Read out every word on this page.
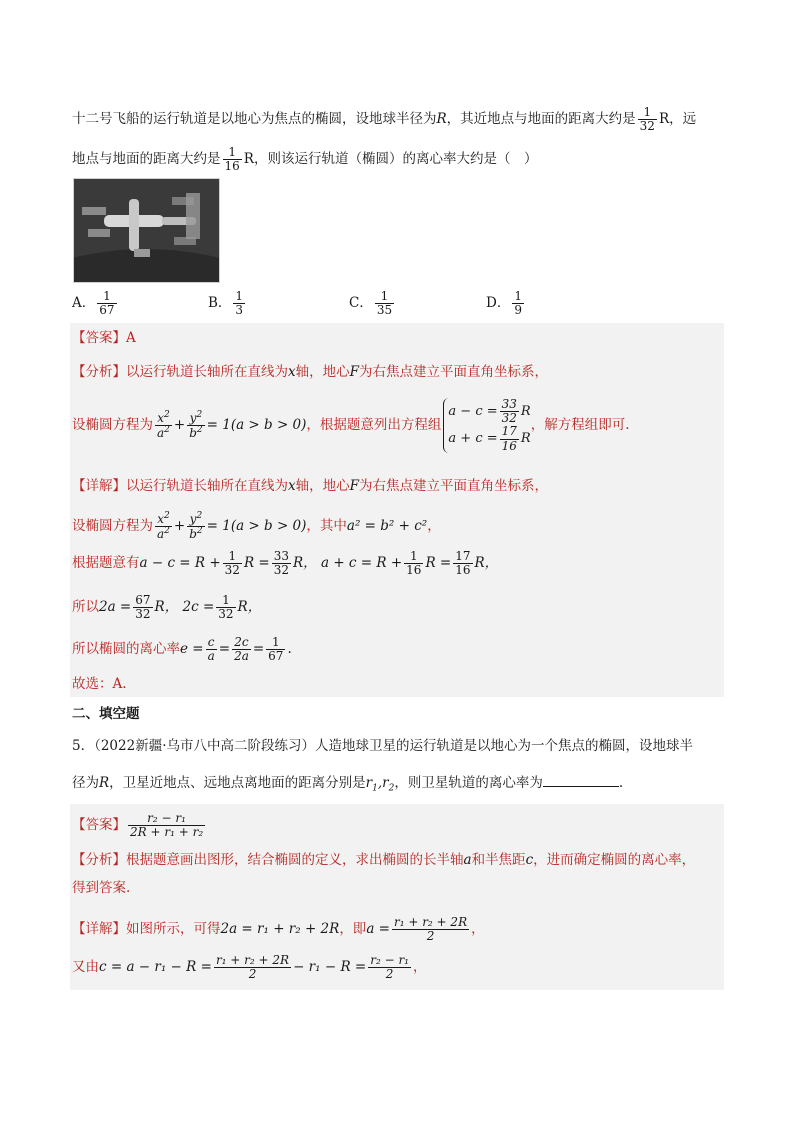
十二号飞船的运行轨道是以地心为焦点的椭圆，设地球半径为R，其近地点与地面的距离大约是 $\frac{1}{32}$ R，远
地点与地面的距离大约是 $\frac{1}{16}$ R，则该运行轨道（椭圆）的离心率大约是（　）
A． $\frac{1}{67}$	B． $\frac{1}{3}$	C． $\frac{1}{35}$	D． $\frac{1}{9}$
【答案】A
【分析】以运行轨道长轴所在直线为x轴，地心F为右焦点建立平面直角坐标系，
设椭圆方程为 $\frac{x^2}{a^2} + \frac{y^2}{b^2} = 1(a > b > 0)$，根据题意列出方程组
$a - c = \frac{33}{32}$ R
$a + c = \frac{17}{16}$ R
，解方程组即可.
【详解】以运行轨道长轴所在直线为x轴，地心F为右焦点建立平面直角坐标系，
设椭圆方程为 $\frac{x^2}{a^2} + \frac{y^2}{b^2} = 1(a > b > 0)$，其中a² = b² + c²，
根据题意有$a - c = R + \frac{1}{32}$ $R = \frac{33}{32}$ R， $a + c = R + \frac{1}{16}$ $R = \frac{17}{16}$ R，
所以$2a = \frac{67}{32}$ R， $2c = \frac{1}{32}$ R，
所以椭圆的离心率$e = \frac{c}{a} = \frac{2c}{2a} = \frac{1}{67}$ .
故选：A.
二、填空题
5．（2022新疆·乌市八中高二阶段练习）人造地球卫星的运行轨道是以地心为一个焦点的椭圆，设地球半
径为R，卫星近地点、远地点离地面的距离分别是$r_1,r_2$，则卫星轨道的离心率为	.
【答案】 $\frac{\text{r₂ − r₁}}{\text{2R + r₁ + r₂}}$
【分析】根据题意画出图形，结合椭圆的定义，求出椭圆的长半轴a和半焦距c，进而确定椭圆的离心率，
得到答案.
【详解】如图所示，可得2a = r₁ + r₂ + 2R，即$a = \frac{\text{r₁ + r₂ + 2R}}{2}$ ，
又由$c = a - r_1 - R = \frac{\text{r₁ + r₂ + 2R}}{2} - r_1 - R = \frac{\text{r₂ − r₁}}{2}$ ，
